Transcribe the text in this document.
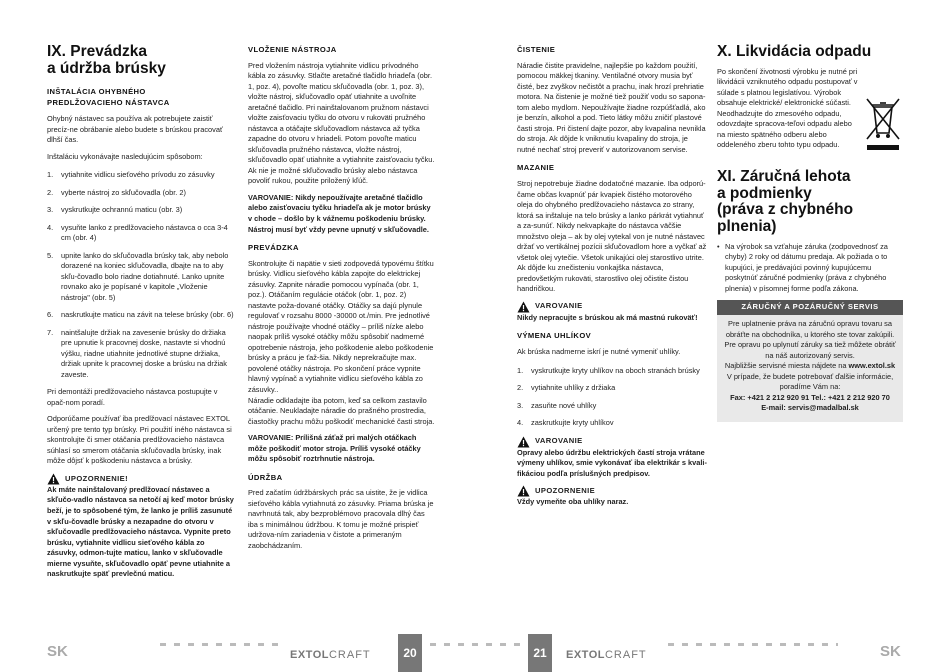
IX. Prevádzka
a údržba brúsky
INŠTALÁCIA OHYBNÉHO
PREDLŽOVACIEHO NÁSTAVCA

Ohybný nástavec sa používa ak potrebujete zaistiť precíz-ne obrábanie alebo budete s brúskou pracovať dlhší čas.

Inštaláciu vykonávajte nasledujúcim spôsobom:

1.	vytiahnite vidlicu sieťového prívodu zo zásuvky
2.	vyberte nástroj zo skľučovadla (obr. 2)
3.	vyskrutkujte ochrannú maticu (obr. 3)
4.	vysuňte lanko z predlžovacieho nástavca o cca 3-4 cm (obr. 4)
5.	upnite lanko do skľučovadla brúsky tak, aby nebolo dorazené na koniec skľučovadla, dbajte na to aby skľu-čovadlo bolo riadne dotiahnuté. Lanko upnite rovnako ako je popísané v kapitole „Vloženie nástroja" (obr. 5)
6.	naskrutkujte maticu na závit na telese brúsky (obr. 6)
7.	naintšalujte držiak na zavesenie brúsky do držiaka pre upnutie k pracovnej doske, nastavte si vhodnú výšku, riadne utiahnite jednotlivé stupne držiaka, držiak upnite k pracovnej doske a brúsku na držiak zaveste.

Pri demontáži predlžovacieho nástavca postupujte v opač-nom poradí.

Odporúčame používať iba predlžovací nástavec EXTOL určený pre tento typ brúsky. Pri použití iného nástavca si skontrolujte či smer otáčania predlžovacieho nástavca súhlasí so smerom otáčania skľučovadla brúsky, inak môže dôjsť k poškodeniu nástavca a brúsky.

UPOZORNENIE!

Ak máte nainštalovaný predlžovací nástavec a skľučo-vadlo nástavca sa netočí aj keď motor brúsky beží, je to spôsobené tým, že lanko je príliš zasunuté v skľu-čovadle brúsky a nezapadne do otvoru v skľučovadle predlžovacieho nástavca. Vypnite preto brúsku, vytiahnite vidlicu sieťového kábla zo zásuvky, odmon-tujte maticu, lanko v skľučovadle mierne vysuňte, skľučovadlo opäť pevne utiahnite a naskrutkujte späť prevlečnú maticu.

VLOŽENIE NÁSTROJA

Pred vložením nástroja vytiahnite vidlicu prívodného kábla zo zásuvky. Stlačte aretačné tlačidlo hriadeľa (obr. 1, poz. 4), povoľte maticu skľučovadla (obr. 1, poz. 3), vložte nástroj, skľučovadlo opäť utiahnite a uvoľnite aretačné tlačidlo. Pri nainštalovanom pružnom nástavci vložte zaisťovaciu tyčku do otvoru v rukoväti pružného nástavca a otáčajte skľučovadlom nástavca až tyčka zapadne do otvoru v hriadeli. Potom povoľte maticu skľučovadla pružného nástavca, vložte nástroj, skľučovadlo opäť utiahnite a vytiahnite zaisťovaciu tyčku. Ak nie je možné skľučovadlo brúsky alebo nástavca povoliť rukou, použite priložený kľúč.

VAROVANIE: Nikdy nepoužívajte aretačné tlačidlo alebo zaisťovaciu tyčku hriadeľa ak je motor brúsky v chode – došlo by k vážnemu poškodeniu brúsky. Nástroj musí byť vždy pevne upnutý v skľučovadle.

PREVÁDZKA

Skontrolujte či napätie v sieti zodpovedá typovému štítku brúsky. Vidlicu sieťového kábla zapojte do elektrickej zásuvky. Zapnite náradie pomocou vypínača (obr. 1, poz.). Otáčaním regulácie otáčok (obr. 1, poz. 2) nastavte poža-dované otáčky. Otáčky sa dajú plynule regulovať v rozsahu 8000 -30000 ot./min. Pre jednotlivé nástroje používajte vhodné otáčky – príliš nízke alebo naopak príliš vysoké otáčky môžu spôsobiť nadmerné opotrebenie nástroja, jeho poškodenie alebo poškodenie brúsky a prácu je ťaž-šia. Nikdy neprekračujte max. povolené otáčky nástroja. Po skončení práce vypnite hlavný vypínač a vytiahnite vidlicu sieťového kábla zo zásuvky..

Náradie odkladajte iba potom, keď sa celkom zastavilo otáčanie. Neukladajte náradie do prašného prostredia, čiastočky prachu môžu poškodiť mechanické časti stroja.

VAROVANIE: Prílišná záťaž pri malých otáčkach môže poškodiť motor stroja. Príliš vysoké otáčky môžu spôsobiť roztrhnutie nástroja.

ÚDRŽBA

Pred začatím údržbárskych prác sa uistite, že je vidlica sieťového kábla vytiahnutá zo zásuvky. Priama brúska je navrhnutá tak, aby bezproblémovo pracovala dlhý čas iba s minimálnou údržbou. K tomu je možné prispieť udržova-ním zariadenia v čistote a primeraným zaobchádzaním.

ČISTENIE

Náradie čistite pravidelne, najlepšie po každom použití, pomocou mäkkej tkaniny. Ventilačné otvory musia byť čisté, bez zvyškov nečistôt a prachu, inak hrozí prehriatie motora. Na čistenie je možné tiež použiť vodu so sapona-tom alebo mydlom. Nepoužívajte žiadne rozpúšťadlá, ako je benzín, alkohol a pod. Tieto látky môžu zničiť plastové časti stroja. Pri čistení dajte pozor, aby kvapalina nevnikla do stroja. Ak dôjde k vniknutiu kvapaliny do stroja, je nutné nechať stroj preveriť v autorizovanom servise.

MAZANIE

Stroj nepotrebuje žiadne dodatočné mazanie. Iba odporú-čame občas kvapnúť pár kvapiek čistého motorového oleja do ohybného predlžovacieho nástavca zo strany, ktorá sa inštaluje na telo brúsky a lanko párkrát vytiahnuť a za-sunúť. Nikdy nekvapkajte do nástavca väčšie množstvo oleja – ak by olej vytekal von je nutné nástavec držať vo vertikálnej pozícii skľučovadlom hore a vyčkať až všetok olej vytečie. Všetok unikajúci olej starostlivo utrite. Ak dôjde ku znečisteniu vonkajška nástavca, predovšetkým rukoväti, starostlivo olej očistite čistou handričkou.

VAROVANIE

Nikdy nepracujte s brúskou ak má mastnú rukoväť!

VÝMENA UHLÍKOV

Ak brúska nadmerne iskrí je nutné vymeniť uhlíky.

1.	vyskrutkujte kryty uhlíkov na oboch stranách brúsky
2.	vytiahnite uhlíky z držiaka
3.	zasuňte nové uhlíky
4.	zaskrutkujte kryty uhlíkov
VAROVANIE

Opravy alebo údržbu elektrických častí stroja vrátane výmeny uhlíkov, smie vykonávať iba elektrikár s kvali-fikáciou podľa príslušných predpisov.

UPOZORNENIE

Vždy vymeňte oba uhlíky naraz.

X. Likvidácia odpadu

Po skončení životnosti výrobku je nutné pri likvidácii vzniknutého odpadu postupovať v súlade s platnou legislatívou. Výrobok obsahuje elektrické/ elektronické súčasti. Neodhadzujte do zmesového odpadu, odovzdajte spracova-teľovi odpadu alebo na miesto spätného odberu alebo oddeleného zberu tohto typu odpadu.

XI. Záručná lehota
a podmienky
(práva z chybného plnenia)

• Na výrobok sa vzťahuje záruka (zodpovednosť za chyby) 2 roky od dátumu predaja. Ak požiada o to kupujúci, je predávajúci povinný kupujúcemu poskytnúť záručné podmienky (práva z chybného plnenia) v písomnej forme podľa zákona.

ZÁRUČNÝ A POZÁRUČNÝ SERVIS
Pre uplatnenie práva na záručnú opravu tovaru sa obráťte na obchodníka, u ktorého ste tovar zakúpili. Pre opravu po uplynutí záruky sa tiež môžete obrátiť na náš autorizovaný servis.
Najbližšie servisné miesta nájdete na www.extol.sk
V prípade, že budete potrebovať ďalšie informácie, poradíme Vám na:
Fax: +421 2 212 920 91 Tel.: +421 2 212 920 70
E-mail: servis@madalbal.sk
SK	EXTOLCRAFT	20	21	EXTOLCRAFT	SK
